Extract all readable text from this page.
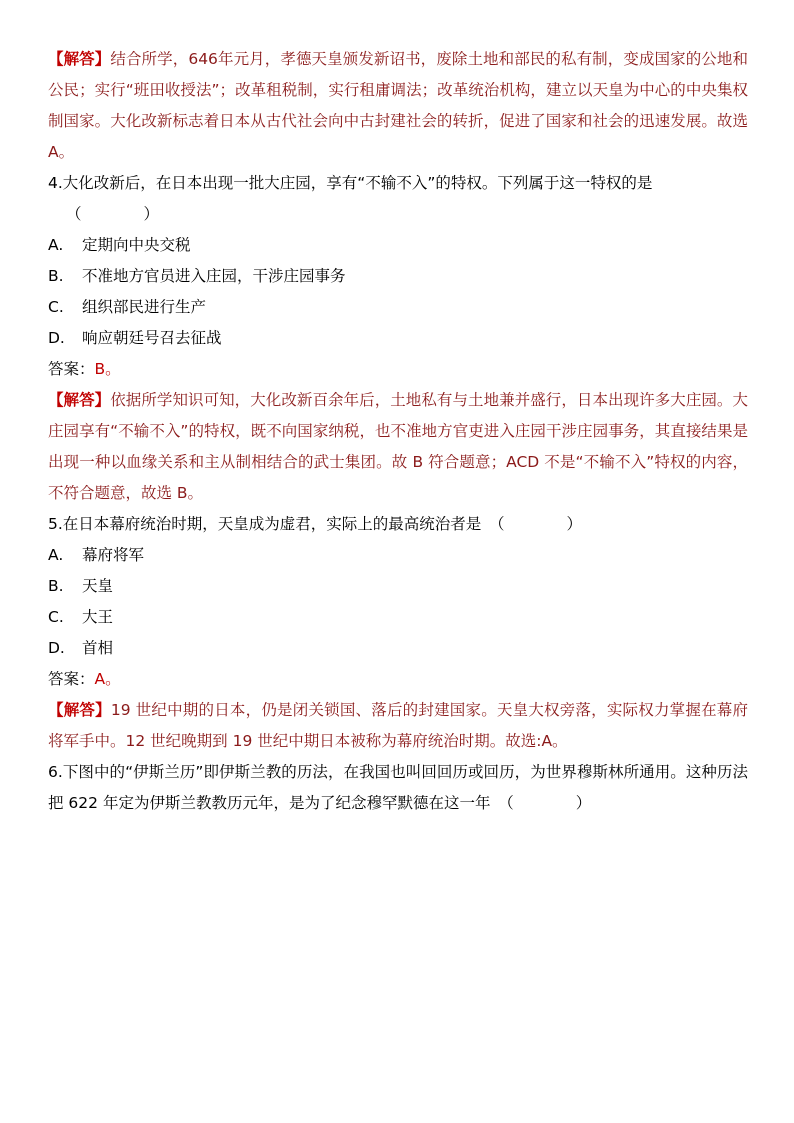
【解答】结合所学，646年元月，孝德天皇颁发新诏书，废除土地和部民的私有制，变成国家的公地和公民；实行“班田收授法”；改革租税制，实行租庸调法；改革统治机构，建立以天皇为中心的中央集权制国家。大化改新标志着日本从古代社会向中古封建社会的转折，促进了国家和社会的迅速发展。故选 A。

4.大化改新后，在日本出现一批大庄园，享有“不输不入”的特权。下列属于这一特权的是
（　　　　）

A.	定期向中央交税

B.	不准地方官员进入庄园，干涉庄园事务

C.	组织部民进行生产

D.	响应朝廷号召去征战

答案：B。

【解答】依据所学知识可知，大化改新百余年后，土地私有与土地兼并盛行，日本出现许多大庄园。大庄园享有“不输不入”的特权，既不向国家纳税，也不准地方官吏进入庄园干涉庄园事务，其直接结果是出现一种以血缘关系和主从制相结合的武士集团。故 B 符合题意；ACD 不是“不输不入”特权的内容，不符合题意，故选 B。

5.在日本幕府统治时期，天皇成为虚君，实际上的最高统治者是　（　　　　）

A.	幕府将军

B.	天皇

C.	大王

D.	首相

答案：A。

【解答】19 世纪中期的日本，仍是闭关锁国、落后的封建国家。天皇大权旁落，实际权力掌握在幕府将军手中。12 世纪晚期到 19 世纪中期日本被称为幕府统治时期。故选:A。

6.下图中的“伊斯兰历”即伊斯兰教的历法，在我国也叫回回历或回历，为世界穆斯林所通用。这种历法把 622 年定为伊斯兰教教历元年，是为了纪念穆罕默德在这一年　（　　　　）
